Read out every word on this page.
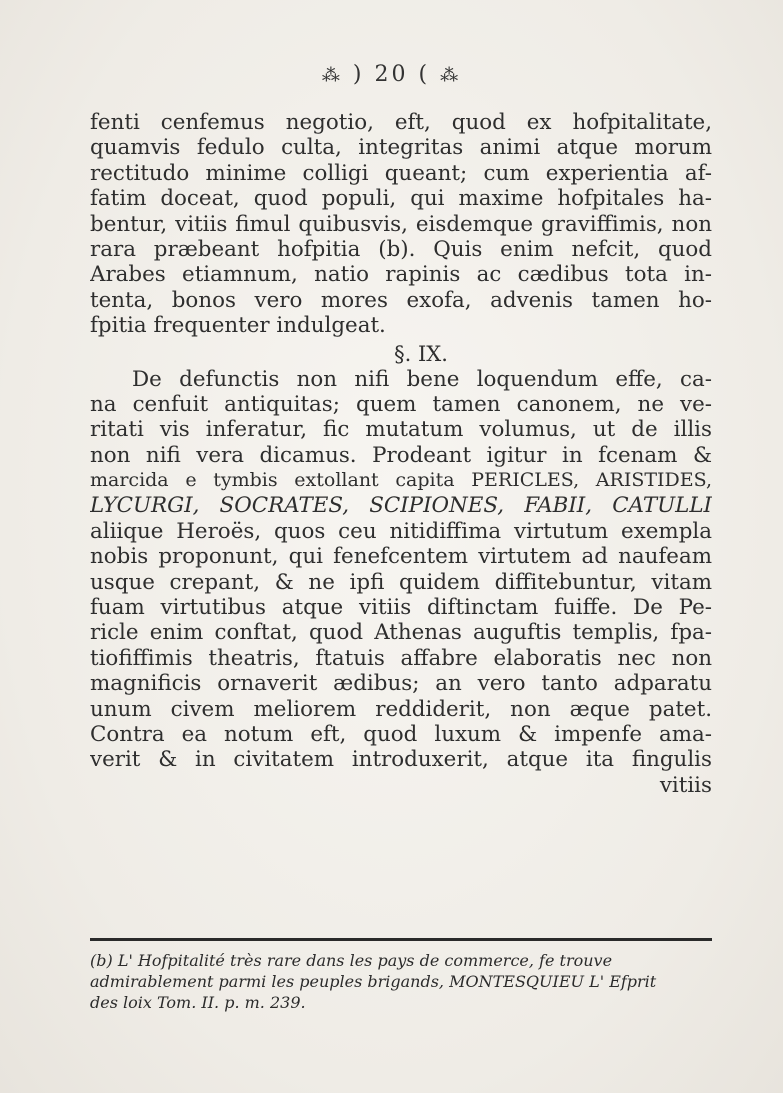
⁂ ) 20 ( ⁂
fenti cenfemus negotio, eft, quod ex hofpitalitate,
quamvis fedulo culta, integritas animi atque morum
rectitudo minime colligi queant; cum experientia af-
fatim doceat, quod populi, qui maxime hofpitales ha-
bentur, vitiis fimul quibusvis, eisdemque graviffimis, non
rara præbeant hofpitia (b). Quis enim nefcit, quod
Arabes etiamnum, natio rapinis ac cædibus tota in-
tenta, bonos vero mores exofa, advenis tamen ho-
fpitia frequenter indulgeat.
§. IX.
De defunctis non nifi bene loquendum effe, ca-
na cenfuit antiquitas; quem tamen canonem, ne ve-
ritati vis inferatur, fic mutatum volumus, ut de illis
non nifi vera dicamus. Prodeant igitur in fcenam &
marcida e tymbis extollant capita PERICLES, ARISTIDES,
LYCURGI, SOCRATES, SCIPIONES, FABII, CATULLI
aliique Heroës, quos ceu nitidiffima virtutum exempla
nobis proponunt, qui fenefcentem virtutem ad naufeam
usque crepant, & ne ipfi quidem diffitebuntur, vitam
fuam virtutibus atque vitiis diftinctam fuiffe. De Pe-
ricle enim conftat, quod Athenas auguftis templis, fpa-
tiofiffimis theatris, ftatuis affabre elaboratis nec non
magnificis ornaverit ædibus; an vero tanto adparatu
unum civem meliorem reddiderit, non æque patet.
Contra ea notum eft, quod luxum & impenfe ama-
verit & in civitatem introduxerit, atque ita fingulis
vitiis
(b) L' Hofpitalité très rare dans les pays de commerce, fe trouve
admirablement parmi les peuples brigands, MONTESQUIEU L' Efprit
des loix Tom. II. p. m. 239.
